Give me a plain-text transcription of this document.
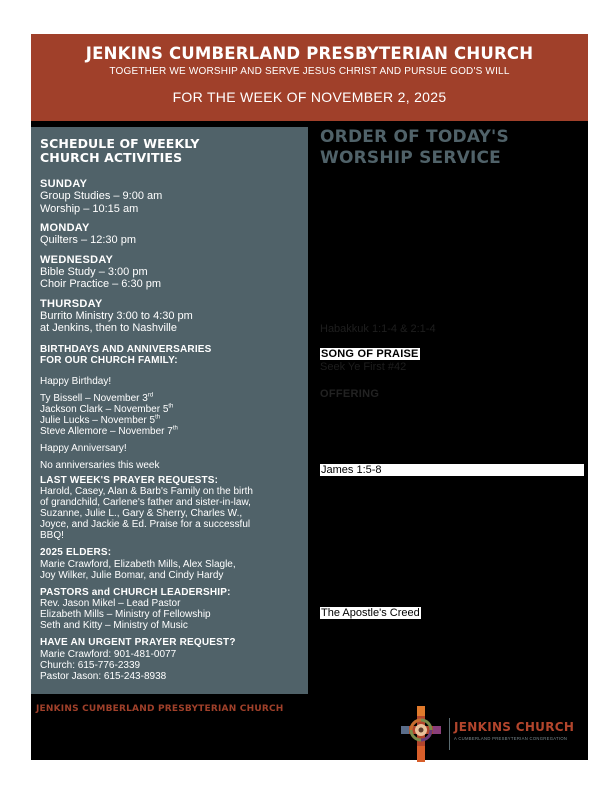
JENKINS CUMBERLAND PRESBYTERIAN CHURCH
TOGETHER WE WORSHIP AND SERVE JESUS CHRIST AND PURSUE GOD'S WILL
FOR THE WEEK OF NOVEMBER 2, 2025
SCHEDULE OF WEEKLY
CHURCH ACTIVITIES
SUNDAY
Group Studies – 9:00 am
Worship – 10:15 am
MONDAY
Quilters – 12:30 pm
WEDNESDAY
Bible Study – 3:00 pm
Choir Practice – 6:30 pm
THURSDAY
Burrito Ministry 3:00 to 4:30 pm
at Jenkins, then to Nashville
BIRTHDAYS AND ANNIVERSARIES
FOR OUR CHURCH FAMILY:
Happy Birthday!
Ty Bissell – November 3rd
Jackson Clark – November 5th
Julie Lucks – November 5th
Steve Allemore – November 7th
Happy Anniversary!
No anniversaries this week
LAST WEEK'S PRAYER REQUESTS:
Harold, Casey, Alan & Barb's Family on the birth
of grandchild, Carlene's father and sister-in-law,
Suzanne, Julie L., Gary & Sherry, Charles W.,
Joyce, and Jackie & Ed. Praise for a successful
BBQ!
2025 ELDERS:
Marie Crawford, Elizabeth Mills, Alex Slagle,
Joy Wilker, Julie Bomar, and Cindy Hardy
PASTORS and CHURCH LEADERSHIP:
Rev. Jason Mikel – Lead Pastor
Elizabeth Mills – Ministry of Fellowship
Seth and Kitty – Ministry of Music
HAVE AN URGENT PRAYER REQUEST?
Marie Crawford: 901-481-0077
Church: 615-776-2339
Pastor Jason: 615-243-8938
ORDER OF TODAY'S
WORSHIP SERVICE
Habakkuk 1:1-4 & 2:1-4
SONG OF PRAISE
Seek Ye First #42
OFFERING
James 1:5-8
The Apostle's Creed
JENKINS CUMBERLAND PRESBYTERIAN CHURCH
JENKINS CHURCH
A CUMBERLAND PRESBYTERIAN CONGREGATION
